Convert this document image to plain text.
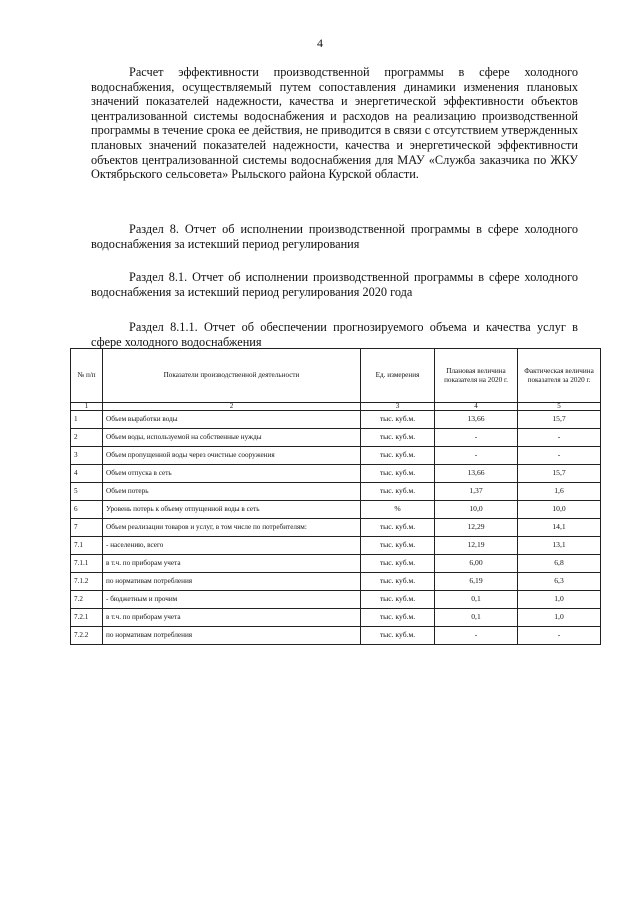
4

Расчет эффективности производственной программы в сфере холодного водоснабжения, осуществляемый путем сопоставления динамики изменения плановых значений показателей надежности, качества и энергетической эффективности объектов централизованной системы водоснабжения и расходов на реализацию производственной программы в течение срока ее действия, не приводится в связи с отсутствием утвержденных плановых значений показателей надежности, качества и энергетической эффективности объектов централизованной системы водоснабжения для МАУ «Служба заказчика по ЖКУ Октябрьского сельсовета» Рыльского района Курской области.

Раздел 8. Отчет об исполнении производственной программы в сфере холодного водоснабжения за истекший период регулирования

Раздел 8.1. Отчет об исполнении производственной программы в сфере холодного водоснабжения за истекший период регулирования 2020 года

Раздел 8.1.1. Отчет об обеспечении прогнозируемого объема и качества услуг в сфере холодного водоснабжения

№ п/п	Показатели производственной деятельности	Ед. измерения	Плановая величина показателя на 2020 г.	Фактическая величина показателя за 2020 г.
1	2	3	4	5
1	Объем выработки воды	тыс. куб.м.	13,66	15,7
2	Объем воды, используемой на собственные нужды	тыс. куб.м.	-	-
3	Объем пропущенной воды через очистные сооружения	тыс. куб.м.	-	-
4	Объем отпуска в сеть	тыс. куб.м.	13,66	15,7
5	Объем потерь	тыс. куб.м.	1,37	1,6
6	Уровень потерь к объему отпущенной воды в сеть	%	10,0	10,0
7	Объем реализации товаров и услуг, в том числе по потребителям:	тыс. куб.м.	12,29	14,1
7.1	- населению, всего	тыс. куб.м.	12,19	13,1
7.1.1	в т.ч. по приборам учета	тыс. куб.м.	6,00	6,8
7.1.2	по нормативам потребления	тыс. куб.м.	6,19	6,3
7.2	- бюджетным и прочим	тыс. куб.м.	0,1	1,0
7.2.1	в т.ч. по приборам учета	тыс. куб.м.	0,1	1,0
7.2.2	по нормативам потребления	тыс. куб.м.	-	-
